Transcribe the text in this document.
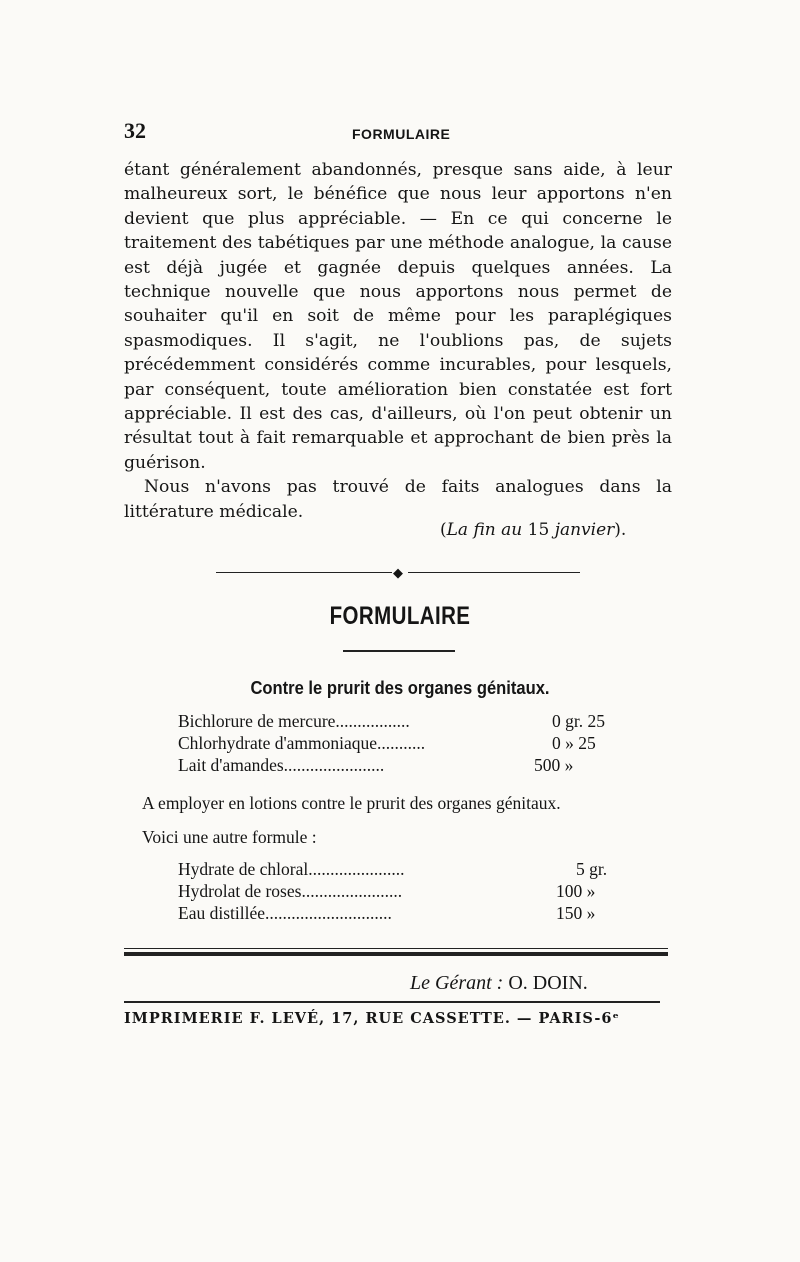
32	FORMULAIRE

étant généralement abandonnés, presque sans aide, à leur malheureux sort, le bénéfice que nous leur apportons n'en devient que plus appréciable. — En ce qui concerne le traitement des tabétiques par une méthode analogue, la cause est déjà jugée et gagnée depuis quelques années. La technique nouvelle que nous apportons nous permet de souhaiter qu'il en soit de même pour les paraplégiques spasmodiques. Il s'agit, ne l'oublions pas, de sujets précédemment considérés comme incurables, pour lesquels, par conséquent, toute amélioration bien constatée est fort appréciable. Il est des cas, d'ailleurs, où l'on peut obtenir un résultat tout à fait remarquable et approchant de bien près la guérison.

Nous n'avons pas trouvé de faits analogues dans la littérature médicale.

(La fin au 15 janvier).
◆
FORMULAIRE
Contre le prurit des organes génitaux.
Bichlorure de mercure.................	0 gr. 25
Chlorhydrate d'ammoniaque...........	0 » 25
Lait d'amandes.......................	500 »
A employer en lotions contre le prurit des organes génitaux.
Voici une autre formule :
Hydrate de chloral......................	5 gr.
Hydrolat de roses.......................	100 »
Eau distillée.............................	150 »
Le Gérant : O. DOIN.
IMPRIMERIE F. LEVÉ, 17, RUE CASSETTE. — PARIS-6ᵉ
